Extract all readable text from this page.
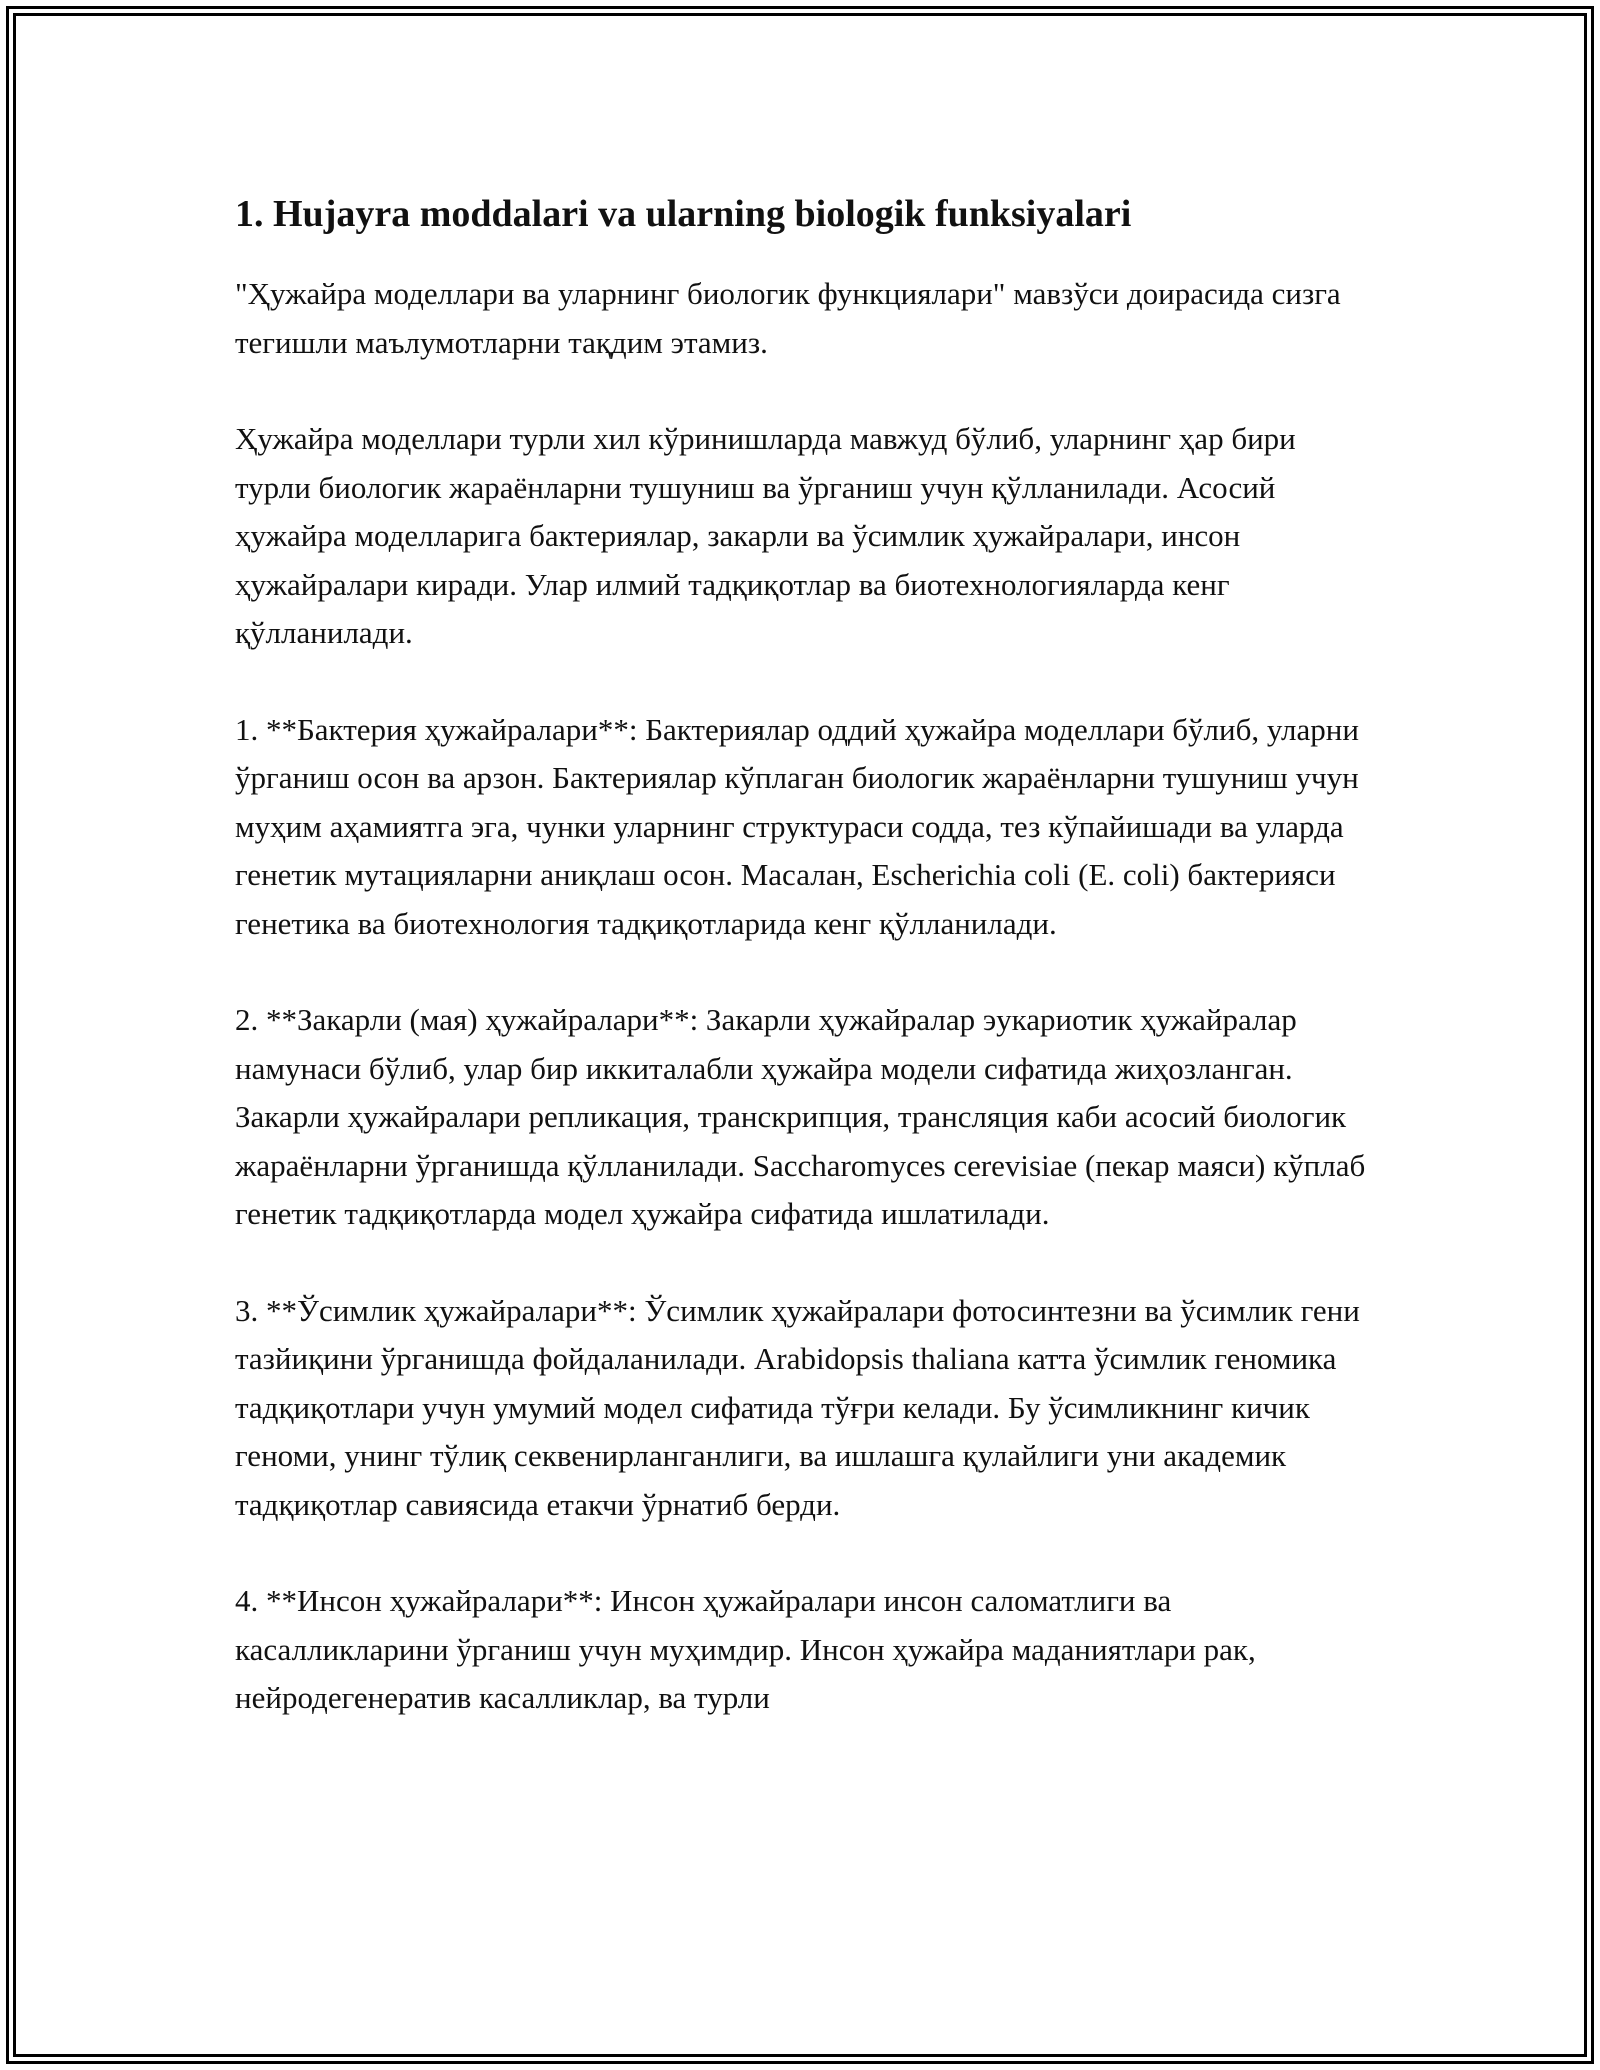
1. Hujayra moddalari va ularning biologik funksiyalari

"Ҳужайра моделлари ва уларнинг биологик функциялари" мавзўси доирасида сизга тегишли маълумотларни тақдим этамиз.

Ҳужайра моделлари турли хил кўринишларда мавжуд бўлиб, уларнинг ҳар бири турли биологик жараёнларни тушуниш ва ўрганиш учун қўлланилади. Асосий ҳужайра моделларига бактериялар, закарли ва ўсимлик ҳужайралари, инсон ҳужайралари киради. Улар илмий тадқиқотлар ва биотехнологияларда кенг қўлланилади.

1. **Бактерия ҳужайралари**: Бактериялар оддий ҳужайра моделлари бўлиб, уларни ўрганиш осон ва арзон. Бактериялар кўплаган биологик жараёнларни тушуниш учун муҳим аҳамиятга эга, чунки уларнинг структураси содда, тез кўпайишади ва уларда генетик мутацияларни аниқлаш осон. Масалан, Escherichia coli (E. coli) бактерияси генетика ва биотехнология тадқиқотларида кенг қўлланилади.

2. **Закарли (мая) ҳужайралари**: Закарли ҳужайралар эукариотик ҳужайралар намунаси бўлиб, улар бир иккиталабли ҳужайра модели сифатида жиҳозланган. Закарли ҳужайралари репликация, транскрипция, трансляция каби асосий биологик жараёнларни ўрганишда қўлланилади. Saccharomyces cerevisiae (пекар маяси) кўплаб генетик тадқиқотларда модел ҳужайра сифатида ишлатилади.

3. **Ўсимлик ҳужайралари**: Ўсимлик ҳужайралари фотосинтезни ва ўсимлик гени тазйиқини ўрганишда фойдаланилади. Arabidopsis thaliana катта ўсимлик геномика тадқиқотлари учун умумий модел сифатида тўғри келади. Бу ўсимликнинг кичик геноми, унинг тўлиқ секвенирланганлиги, ва ишлашга қулайлиги уни академик тадқиқотлар савиясида етакчи ўрнатиб берди.

4. **Инсон ҳужайралари**: Инсон ҳужайралари инсон саломатлиги ва касалликларини ўрганиш учун муҳимдир. Инсон ҳужайра маданиятлари рак, нейродегенератив касалликлар, ва турли
